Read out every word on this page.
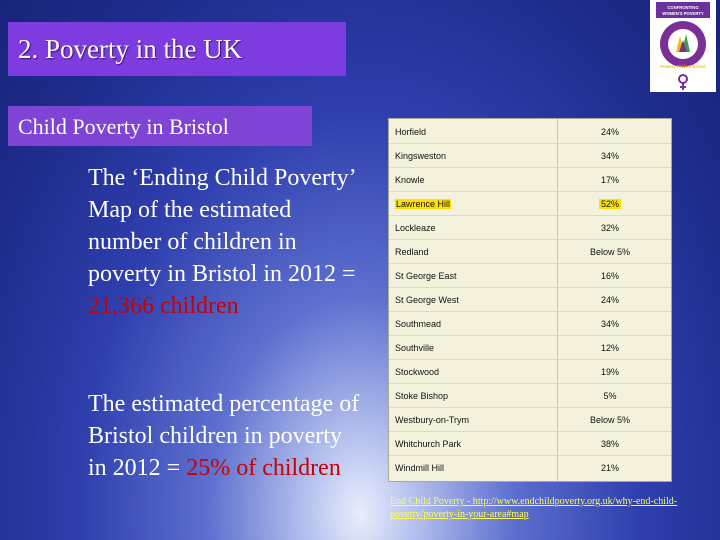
2. Poverty in the UK
Child Poverty in Bristol
CONFRONTING
WOMEN'S POVERTY
Poverty Project Bristol
The ‘Ending Child Poverty’ Map of the estimated number of children in poverty in Bristol in 2012 = 21,366 children
The estimated percentage of Bristol children in poverty in 2012 = 25% of children
Horfield	24%
Kingsweston	34%
Knowle	17%
Lawrence Hill	52%
Lockleaze	32%
Redland	Below 5%
St George East	16%
St George West	24%
Southmead	34%
Southville	12%
Stockwood	19%
Stoke Bishop	5%
Westbury-on-Trym	Below 5%
Whitchurch Park	38%
Windmill Hill	21%
End Child Poverty - http://www.endchildpoverty.org.uk/why-end-child-poverty/poverty-in-your-area#map
